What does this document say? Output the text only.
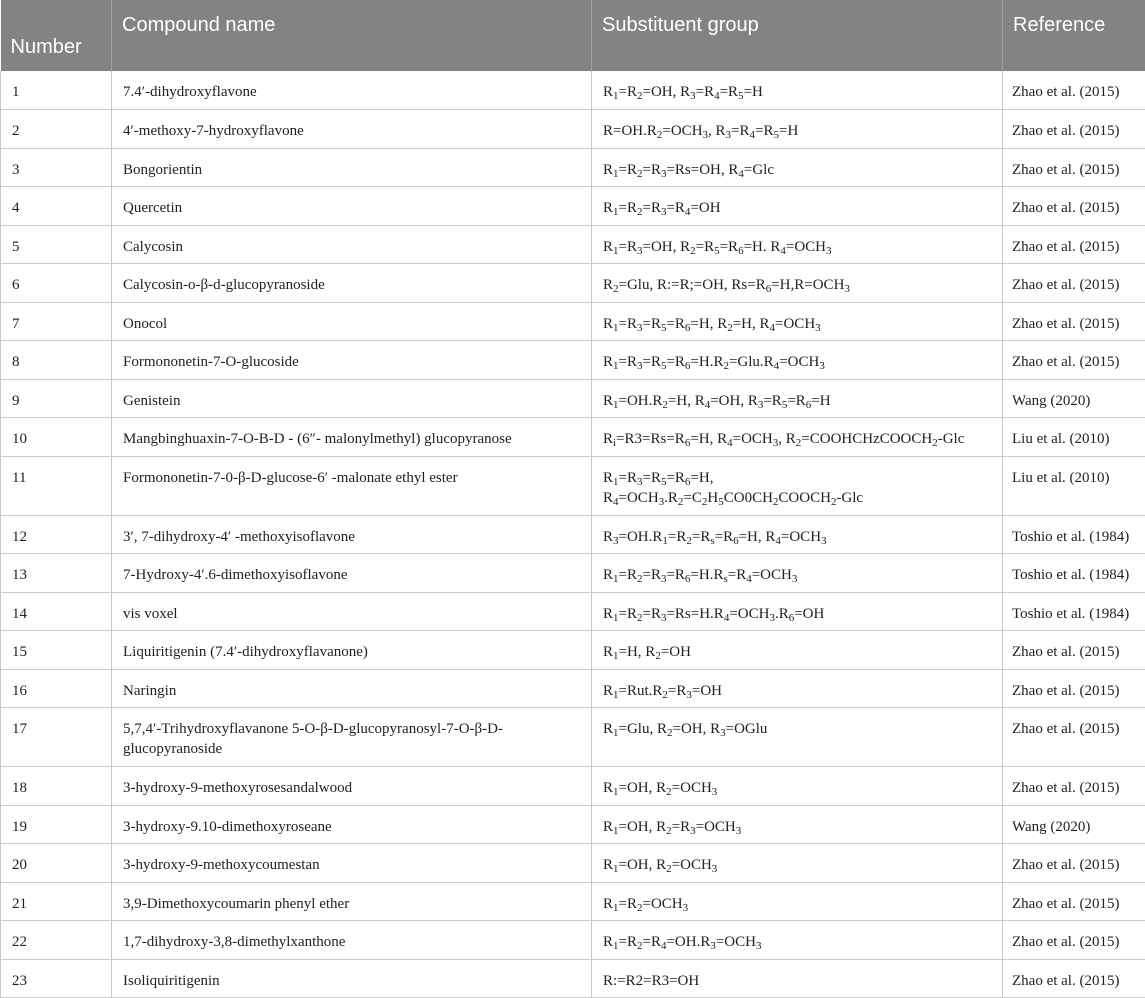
Number	Compound name	Substituent group	Reference

1	7.4′-dihydroxyflavone	$R_1=R_2=OH$, $R_3=R_4=R_5=H$	Zhao et al. (2015)
2	4′-methoxy-7-hydroxyflavone	$R=OH.R_2=OCH_3$, $R_3=R_4=R_5=H$	Zhao et al. (2015)
3	Bongorientin	$R_1=R_2=R_3=Rs=OH$, $R_4=Glc$	Zhao et al. (2015)
4	Quercetin	$R_1=R_2=R_3=R_4=OH$	Zhao et al. (2015)
5	Calycosin	$R_1=R_3=OH$, $R_2=R_5=R_6=H$. $R_4=OCH_3$	Zhao et al. (2015)
6	Calycosin-o-β-d-glucopyranoside	$R_2=Glu$, R:=R;=OH, $Rs=R_6=H,R=OCH_3$	Zhao et al. (2015)
7	Onocol	$R_1=R_3=R_5=R_6=H$, $R_2=H$, $R_4=OCH_3$	Zhao et al. (2015)
8	Formononetin-7-O-glucoside	$R_1=R_3=R_5=R_6=H.R_2=Glu.R_4=OCH_3$	Zhao et al. (2015)
9	Genistein	$R_1=OH.R_2=H$, $R_4=OH$, $R_3=R_5=R_6=H$	Wang (2020)
10	Mangbinghuaxin-7-O-B-D - (6″- malonylmethyl) glucopyranose	$R_i=R3=Rs=R_6=H$, $R_4=OCH_3$, $R_2=COOHCHzCOOCH_2$-Glc	Liu et al. (2010)
11	Formononetin-7-0-β-D-glucose-6′ -malonate ethyl ester	$R_1=R_3=R_5=R_6=H$,
$R_4=OCH_3.R_2=C_2H_5CO0CH_2COOCH_2$-Glc	Liu et al. (2010)
12	3′, 7-dihydroxy-4′ -methoxyisoflavone	$R_3=OH.R_1=R_2=R_s=R_6=H$, $R_4=OCH_3$	Toshio et al. (1984)
13	7-Hydroxy-4′.6-dimethoxyisoflavone	$R_1=R_2=R_3=R_6=H.R_s=R_4=OCH_3$	Toshio et al. (1984)
14	vis voxel	$R_1=R_2=R_3=Rs=H.R_4=OCH_3.R_6=OH$	Toshio et al. (1984)
15	Liquiritigenin (7.4′-dihydroxyflavanone)	$R_1=H$, $R_2=OH$	Zhao et al. (2015)
16	Naringin	$R_1=Rut.R_2=R_3=OH$	Zhao et al. (2015)
17	5,7,4′-Trihydroxyflavanone 5-O-β-D-glucopyranosyl-7-O-β-D-glucopyranoside	$R_1=Glu$, $R_2=OH$, $R_3=OGlu$	Zhao et al. (2015)
18	3-hydroxy-9-methoxyrosesandalwood	$R_1=OH$, $R_2=OCH_3$	Zhao et al. (2015)
19	3-hydroxy-9.10-dimethoxyroseane	$R_1=OH$, $R_2=R_3=OCH_3$	Wang (2020)
20	3-hydroxy-9-methoxycoumestan	$R_1=OH$, $R_2=OCH_3$	Zhao et al. (2015)
21	3,9-Dimethoxycoumarin phenyl ether	$R_1=R_2=OCH_3$	Zhao et al. (2015)
22	1,7-dihydroxy-3,8-dimethylxanthone	$R_1=R_2=R_4=OH.R_3=OCH_3$	Zhao et al. (2015)
23	Isoliquiritigenin	R:=R2=R3=OH	Zhao et al. (2015)
